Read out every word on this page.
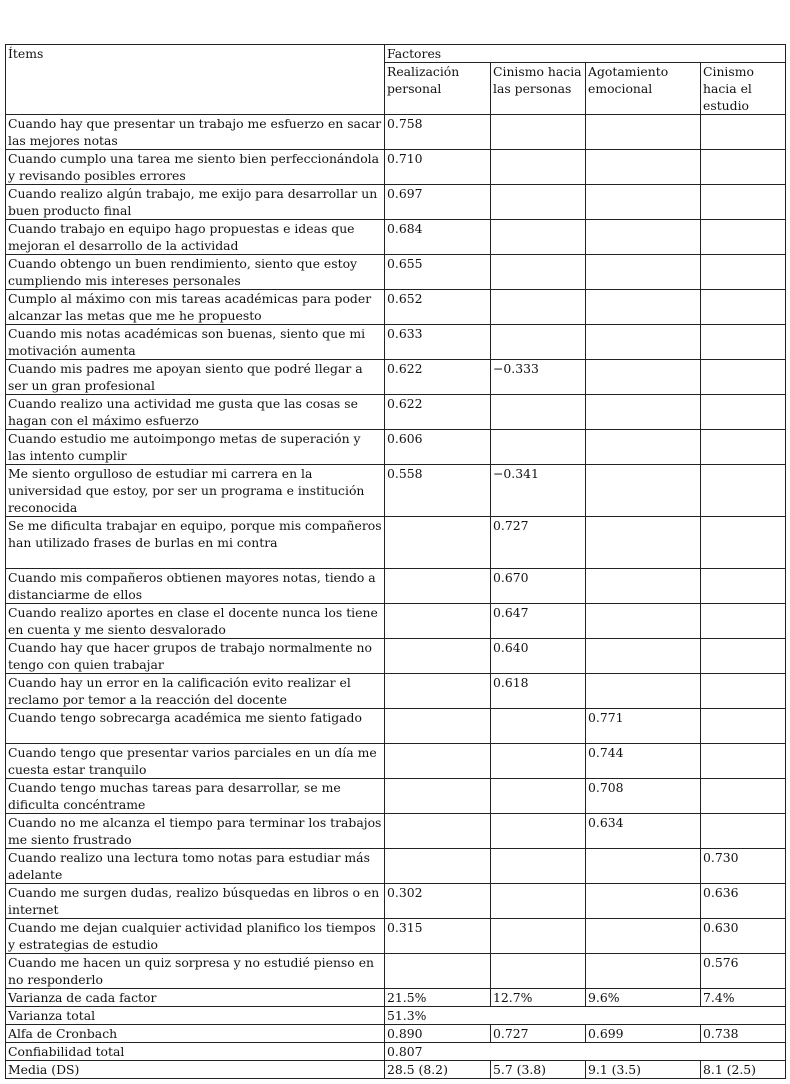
Ítems	Factores			
	Realización personal	Cinismo hacia las personas	Agotamiento emocional	Cinismo hacia el estudio
Cuando hay que presentar un trabajo me esfuerzo en sacar las mejores notas	0.758			
Cuando cumplo una tarea me siento bien perfeccionándola y revisando posibles errores	0.710			
Cuando realizo algún trabajo, me exijo para desarrollar un buen producto final	0.697			
Cuando trabajo en equipo hago propuestas e ideas que mejoran el desarrollo de la actividad	0.684			
Cuando obtengo un buen rendimiento, siento que estoy cumpliendo mis intereses personales	0.655			
Cumplo al máximo con mis tareas académicas para poder alcanzar las metas que me he propuesto	0.652			
Cuando mis notas académicas son buenas, siento que mi motivación aumenta	0.633			
Cuando mis padres me apoyan siento que podré llegar a ser un gran profesional	0.622	−0.333		
Cuando realizo una actividad me gusta que las cosas se hagan con el máximo esfuerzo	0.622			
Cuando estudio me autoimpongo metas de superación y las intento cumplir	0.606			
Me siento orgulloso de estudiar mi carrera en la universidad que estoy, por ser un programa e institución reconocida	0.558	−0.341		
Se me dificulta trabajar en equipo, porque mis compañeros han utilizado frases de burlas en mi contra		0.727		
Cuando mis compañeros obtienen mayores notas, tiendo a distanciarme de ellos		0.670		
Cuando realizo aportes en clase el docente nunca los tiene en cuenta y me siento desvalorado		0.647		
Cuando hay que hacer grupos de trabajo normalmente no tengo con quien trabajar		0.640		
Cuando hay un error en la calificación evito realizar el reclamo por temor a la reacción del docente		0.618		
Cuando tengo sobrecarga académica me siento fatigado			0.771	
Cuando tengo que presentar varios parciales en un día me cuesta estar tranquilo			0.744	
Cuando tengo muchas tareas para desarrollar, se me dificulta concéntrame			0.708	
Cuando no me alcanza el tiempo para terminar los trabajos me siento frustrado			0.634	
Cuando realizo una lectura tomo notas para estudiar más adelante				0.730
Cuando me surgen dudas, realizo búsquedas en libros o en internet	0.302			0.636
Cuando me dejan cualquier actividad planifico los tiempos y estrategias de estudio	0.315			0.630
Cuando me hacen un quiz sorpresa y no estudié pienso en no responderlo				0.576
Varianza de cada factor	21.5%	12.7%	9.6%	7.4%
Varianza total	51.3%			
Alfa de Cronbach	0.890	0.727	0.699	0.738
Confiabilidad total	0.807			
Media (DS)	28.5 (8.2)	5.7 (3.8)	9.1 (3.5)	8.1 (2.5)
